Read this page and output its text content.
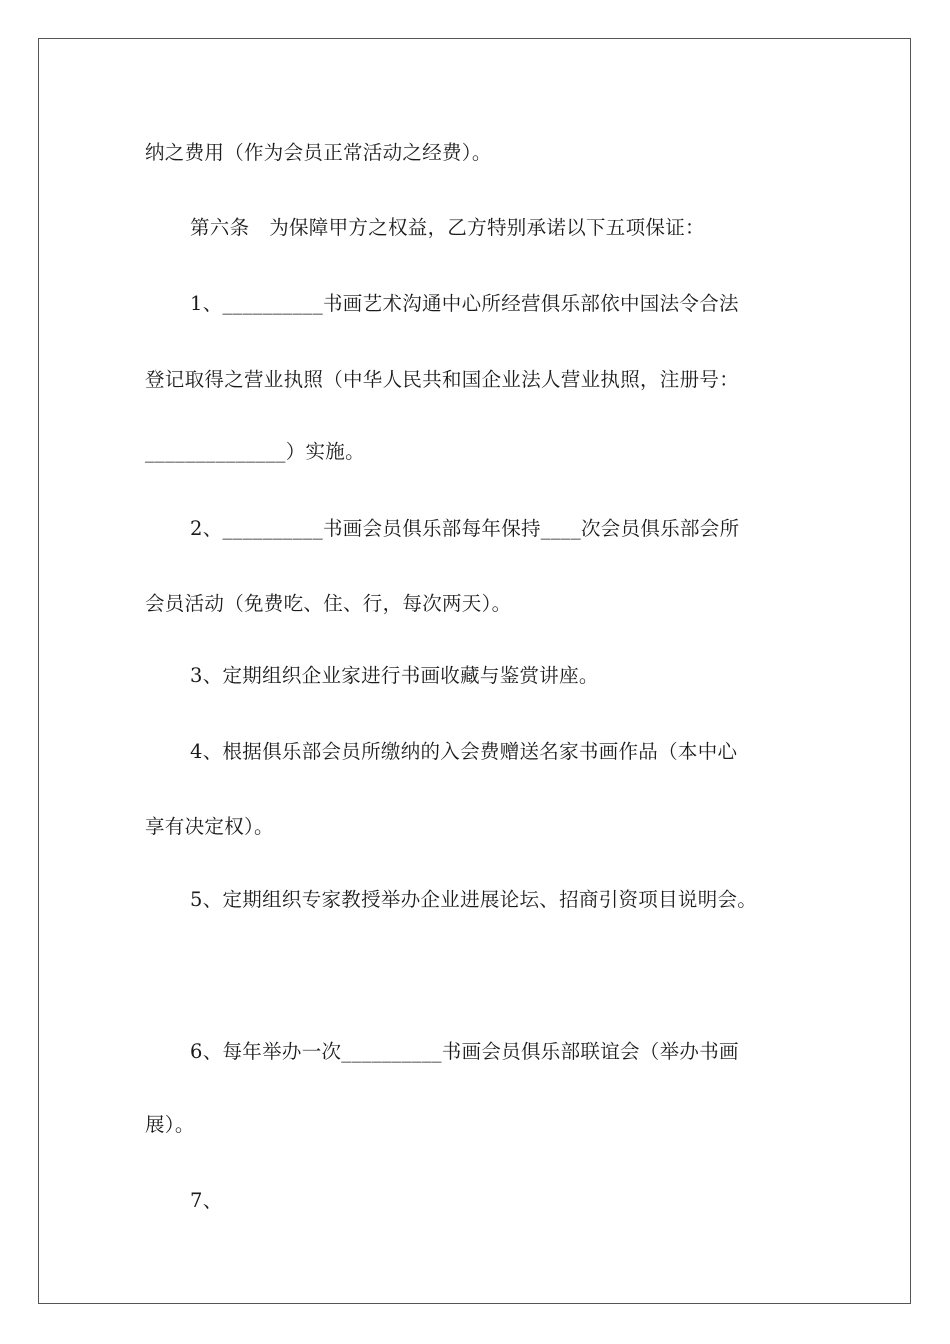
纳之费用（作为会员正常活动之经费）。
第六条　为保障甲方之权益，乙方特别承诺以下五项保证：
1、__________书画艺术沟通中心所经营俱乐部依中国法令合法
登记取得之营业执照（中华人民共和国企业法人营业执照，注册号：
______________）实施。
2、__________书画会员俱乐部每年保持____次会员俱乐部会所
会员活动（免费吃、住、行，每次两天）。
3、定期组织企业家进行书画收藏与鉴赏讲座。
4、根据俱乐部会员所缴纳的入会费赠送名家书画作品（本中心
享有决定权）。
5、定期组织专家教授举办企业进展论坛、招商引资项目说明会。
6、每年举办一次__________书画会员俱乐部联谊会（举办书画
展）。
7、
